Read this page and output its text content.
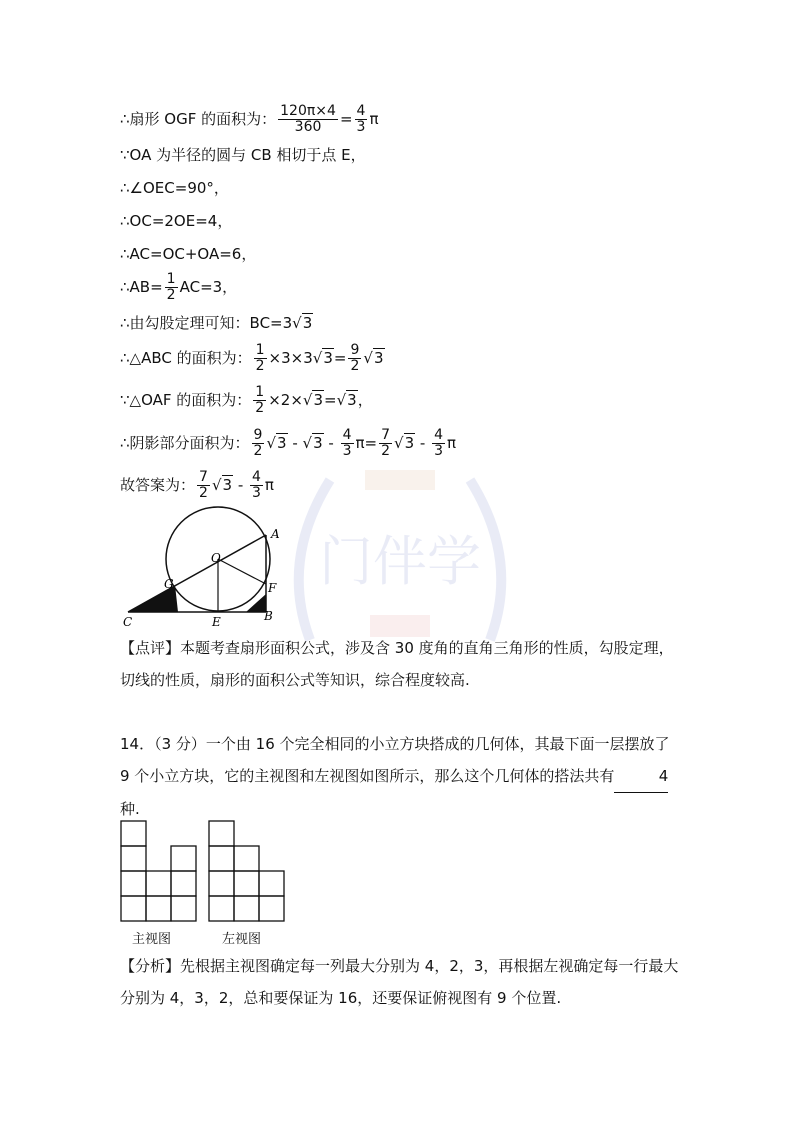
门伴学
∴扇形 OGF 的面积为： $\frac{120\pi\times 4}{360} = \frac{4}{3}$ π
∵OA 为半径的圆与 CB 相切于点 E，
∴∠OEC=90°，
∴OC=2OE=4，
∴AC=OC+OA=6，
∴AB= $\frac{1}{2} AC=3$，
∴由勾股定理可知：BC=3√3
∴△ABC 的面积为： $\frac{1}{2} \times 3\times 3√3= \frac{9}{2} √3$
∵△OAF 的面积为： $\frac{1}{2} \times 2\times√3=√3$，
∴阴影部分面积为： $\frac{9}{2} √3 - √3 - \frac{4}{3} \pi= \frac{7}{2} √3 - \frac{4}{3}$ π
故答案为： $\frac{7}{2} √3 - \frac{4}{3}$ π
A
O
G	F
C	E	B
【点评】本题考查扇形面积公式，涉及含 30 度角的直角三角形的性质，勾股定理，切线的性质，扇形的面积公式等知识，综合程度较高.
14．（3 分）一个由 16 个完全相同的小立方块搭成的几何体，其最下面一层摆放了 9 个小立方块，它的主视图和左视图如图所示，那么这个几何体的搭法共有	4种.
主视图	左视图
【分析】先根据主视图确定每一列最大分别为 4，2，3，再根据左视确定每一行最大分别为 4，3，2，总和要保证为 16，还要保证俯视图有 9 个位置.
